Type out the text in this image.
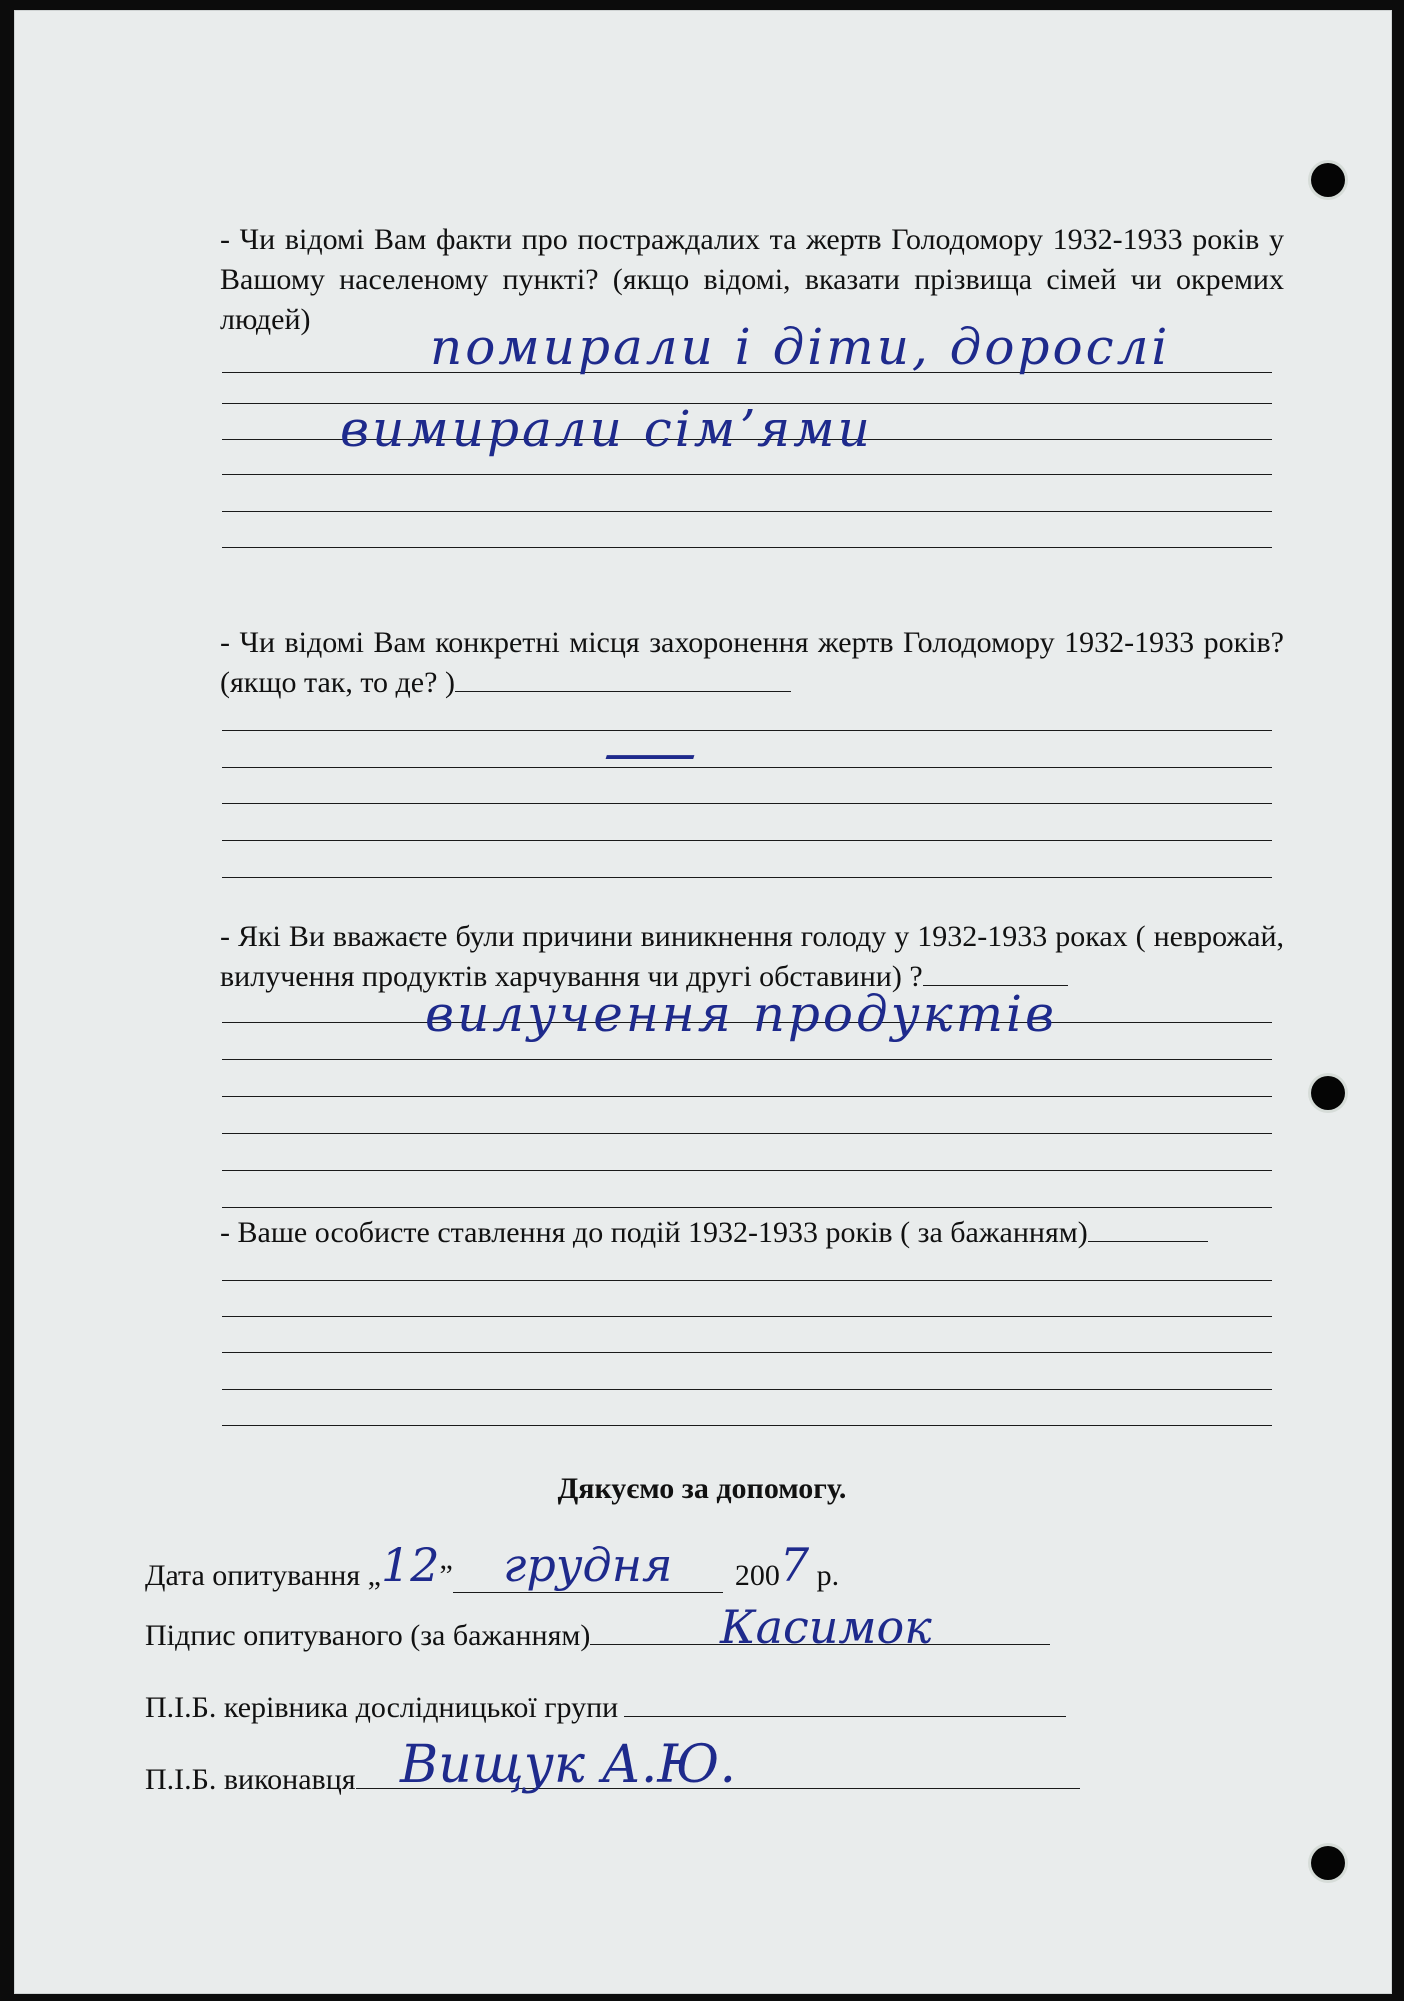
- Чи відомі Вам факти про постраждалих та жертв Голодомору 1932-1933 років у Вашому населеному пункті? (якщо відомі, вказати прізвища сімей чи окремих людей)	помирали і діти, дорослі
вимирали сімʼями
- Чи відомі Вам конкретні місця захоронення жертв Голодомору 1932-1933 років? (якщо так, то де? )
—
- Які Ви вважаєте були причини виникнення голоду у 1932-1933 роках ( неврожай, вилучення продуктів харчування чи другі обставини) ?
вилучення продуктів
- Ваше особисте ставлення до подій 1932-1933 років ( за бажанням)
Дякуємо за допомогу.
Дата опитування „12” грудня 2007 р.
Підпис опитуваного (за бажанням)	Касимок
П.І.Б. керівника дослідницької групи
П.І.Б. виконавця Вищук А.Ю.
